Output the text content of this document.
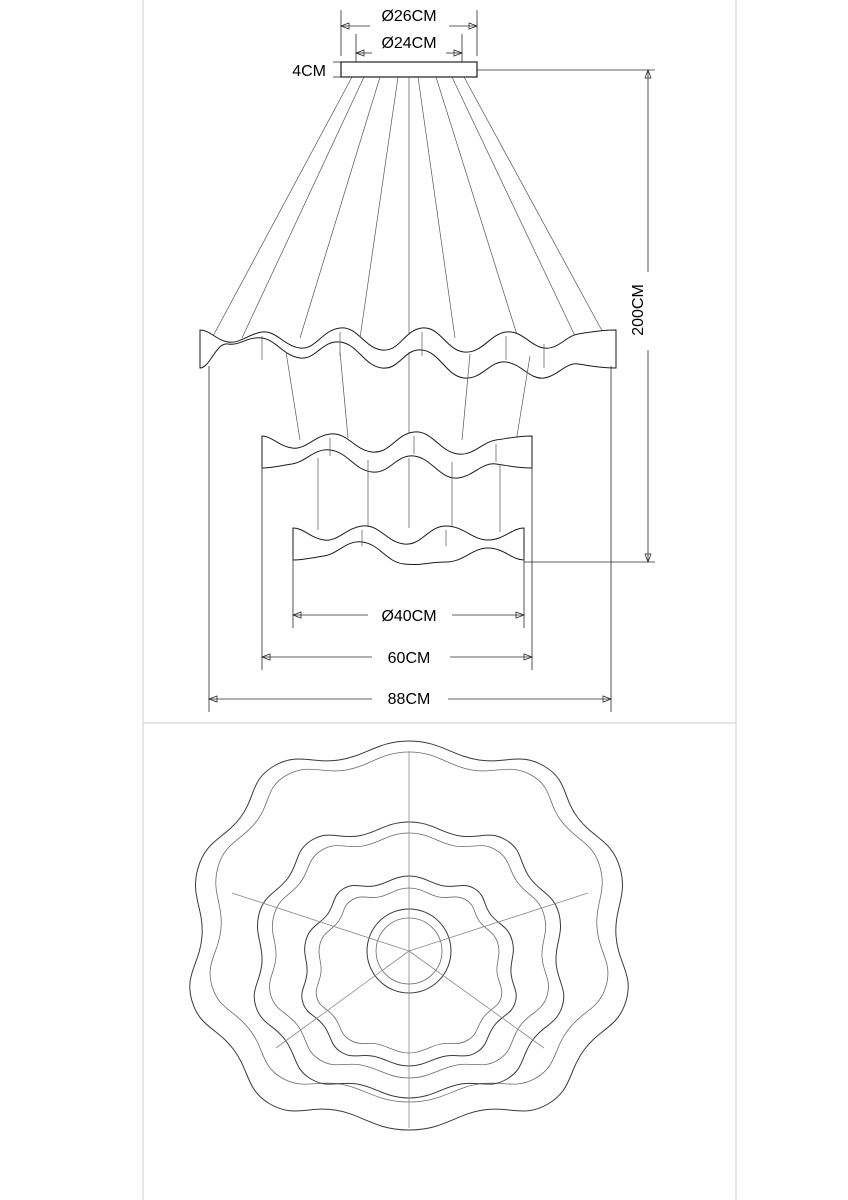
Ø26CM
Ø24CM
4CM
200CM
Ø40CM
60CM
88CM
